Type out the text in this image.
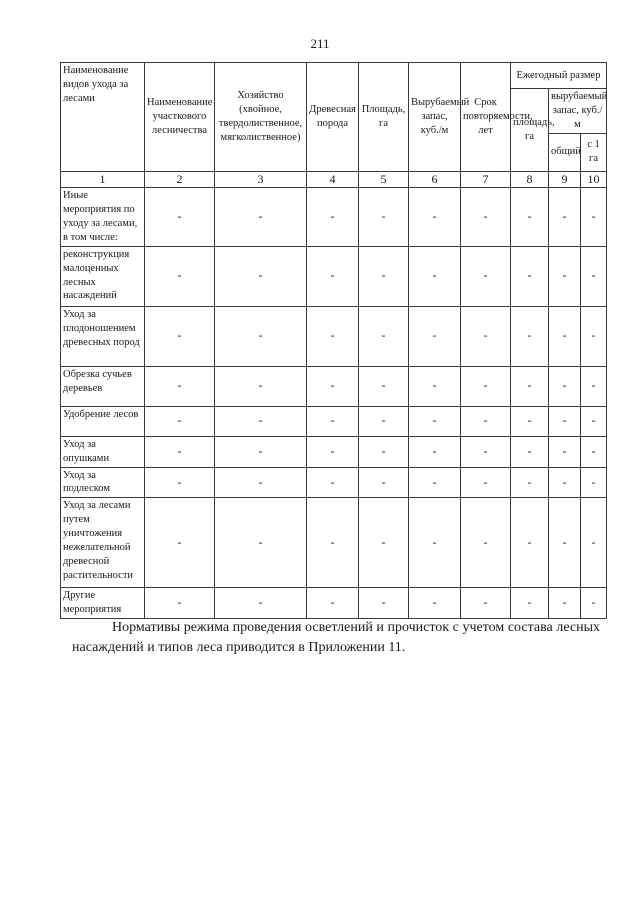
211
Наименование видов ухода за лесами	Наименование участкового лесничества	Хозяйство (хвойное, твердолиственное, мягколиственное)	Древесная порода	Площадь, га	Вырубаемый запас, куб./м	Срок повторяемости, лет	Ежегодный размер		
							площадь, га	вырубаемый запас, куб./м	
								общий	с 1 га
1	2	3	4	5	6	7	8	9	10
Иные мероприятия по уходу за лесами, в том числе:	-	-	-	-	-	-	-	-	-
реконструкция малоценных лесных насаждений	-	-	-	-	-	-	-	-	-
Уход за плодоношением древесных пород	-	-	-	-	-	-	-	-	-
Обрезка сучьев деревьев	-	-	-	-	-	-	-	-	-
Удобрение лесов	-	-	-	-	-	-	-	-	-
Уход за опушками	-	-	-	-	-	-	-	-	-
Уход за подлеском	-	-	-	-	-	-	-	-	-
Уход за лесами путем уничтожения нежелательной древесной растительности	-	-	-	-	-	-	-	-	-
Другие мероприятия	-	-	-	-	-	-	-	-	-
Нормативы режима проведения осветлений и прочисток с учетом состава лесных насаждений и типов леса приводится в Приложении 11.
